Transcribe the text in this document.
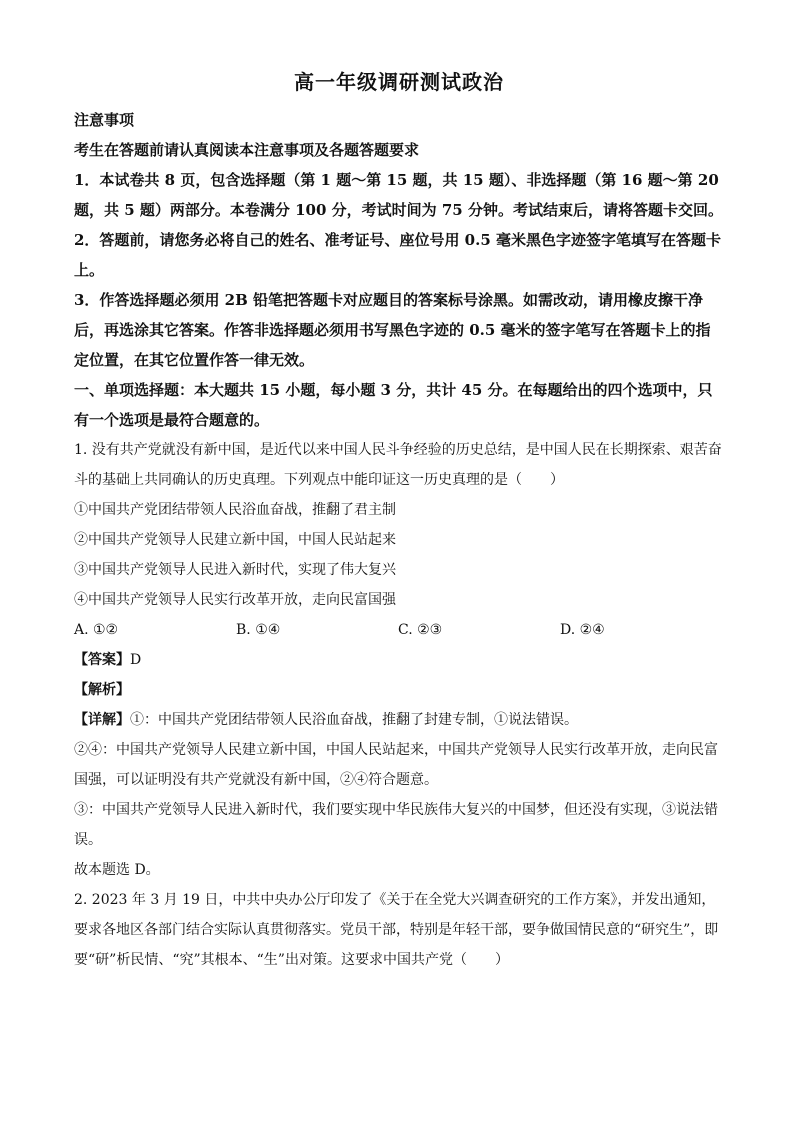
高一年级调研测试政治

注意事项

考生在答题前请认真阅读本注意事项及各题答题要求

1．本试卷共 8 页，包含选择题（第 1 题～第 15 题，共 15 题）、非选择题（第 16 题～第 20 题，共 5 题）两部分。本卷满分 100 分，考试时间为 75 分钟。考试结束后，请将答题卡交回。

2．答题前，请您务必将自己的姓名、准考证号、座位号用 0.5 毫米黑色字迹签字笔填写在答题卡上。

3．作答选择题必须用 2B 铅笔把答题卡对应题目的答案标号涂黑。如需改动，请用橡皮擦干净后，再选涂其它答案。作答非选择题必须用书写黑色字迹的 0.5 毫米的签字笔写在答题卡上的指定位置，在其它位置作答一律无效。

一、单项选择题：本大题共 15 小题，每小题 3 分，共计 45 分。在每题给出的四个选项中，只有一个选项是最符合题意的。

1. 没有共产党就没有新中国，是近代以来中国人民斗争经验的历史总结，是中国人民在长期探索、艰苦奋斗的基础上共同确认的历史真理。下列观点中能印证这一历史真理的是（　　）

①中国共产党团结带领人民浴血奋战，推翻了君主制

②中国共产党领导人民建立新中国，中国人民站起来

③中国共产党领导人民进入新时代，实现了伟大复兴

④中国共产党领导人民实行改革开放，走向民富国强

A. ①②	B. ①④	C. ②③	D. ②④

【答案】D

【解析】

【详解】①：中国共产党团结带领人民浴血奋战，推翻了封建专制，①说法错误。

②④：中国共产党领导人民建立新中国，中国人民站起来，中国共产党领导人民实行改革开放，走向民富国强，可以证明没有共产党就没有新中国，②④符合题意。

③：中国共产党领导人民进入新时代，我们要实现中华民族伟大复兴的中国梦，但还没有实现，③说法错误。

故本题选 D。

2. 2023 年 3 月 19 日，中共中央办公厅印发了《关于在全党大兴调查研究的工作方案》，并发出通知，要求各地区各部门结合实际认真贯彻落实。党员干部，特别是年轻干部，要争做国情民意的“研究生”，即要“研”析民情、“究”其根本、“生”出对策。这要求中国共产党（　　）
